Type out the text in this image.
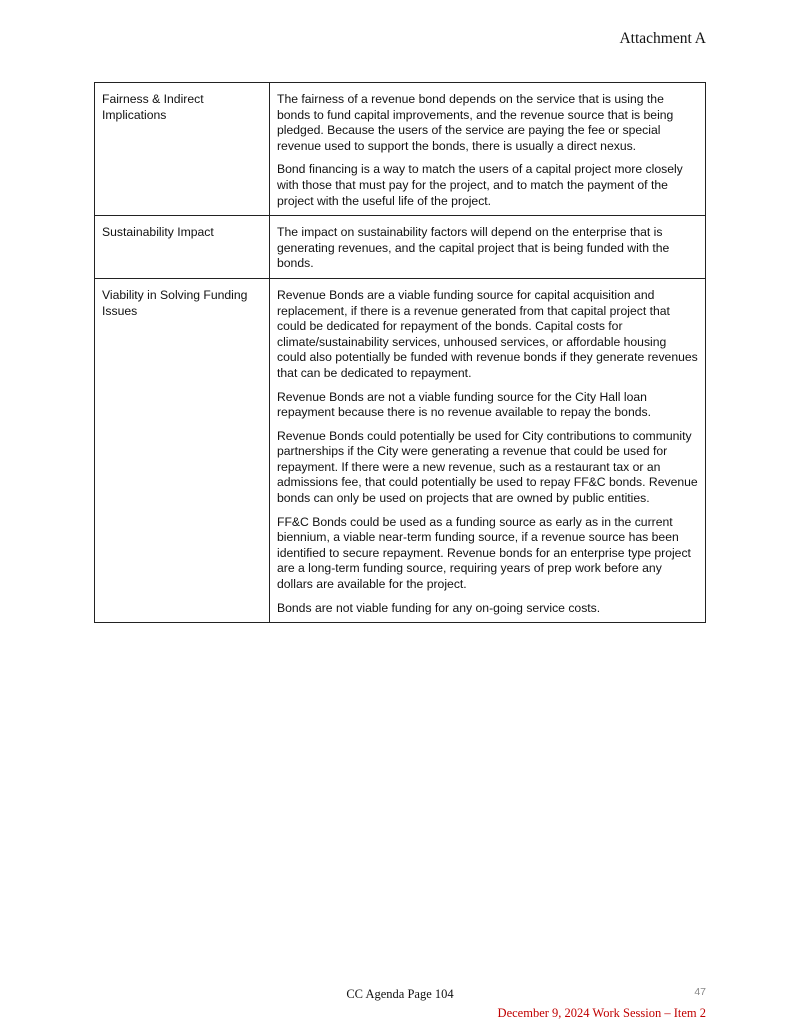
Attachment A
Fairness & Indirect Implications	The fairness of a revenue bond depends on the service that is using the bonds to fund capital improvements, and the revenue source that is being pledged. Because the users of the service are paying the fee or special revenue used to support the bonds, there is usually a direct nexus.

Bond financing is a way to match the users of a capital project more closely with those that must pay for the project, and to match the payment of the project with the useful life of the project.

Sustainability Impact	The impact on sustainability factors will depend on the enterprise that is generating revenues, and the capital project that is being funded with the bonds.

Viability in Solving Funding Issues	Revenue Bonds are a viable funding source for capital acquisition and replacement, if there is a revenue generated from that capital project that could be dedicated for repayment of the bonds. Capital costs for climate/sustainability services, unhoused services, or affordable housing could also potentially be funded with revenue bonds if they generate revenues that can be dedicated to repayment.

Revenue Bonds are not a viable funding source for the City Hall loan repayment because there is no revenue available to repay the bonds.

Revenue Bonds could potentially be used for City contributions to community partnerships if the City were generating a revenue that could be used for repayment. If there were a new revenue, such as a restaurant tax or an admissions fee, that could potentially be used to repay FF&C bonds. Revenue bonds can only be used on projects that are owned by public entities.

FF&C Bonds could be used as a funding source as early as in the current biennium, a viable near-term funding source, if a revenue source has been identified to secure repayment. Revenue bonds for an enterprise type project are a long-term funding source, requiring years of prep work before any dollars are available for the project.

Bonds are not viable funding for any on-going service costs.

CC Agenda Page 104	47
December 9, 2024 Work Session – Item 2
